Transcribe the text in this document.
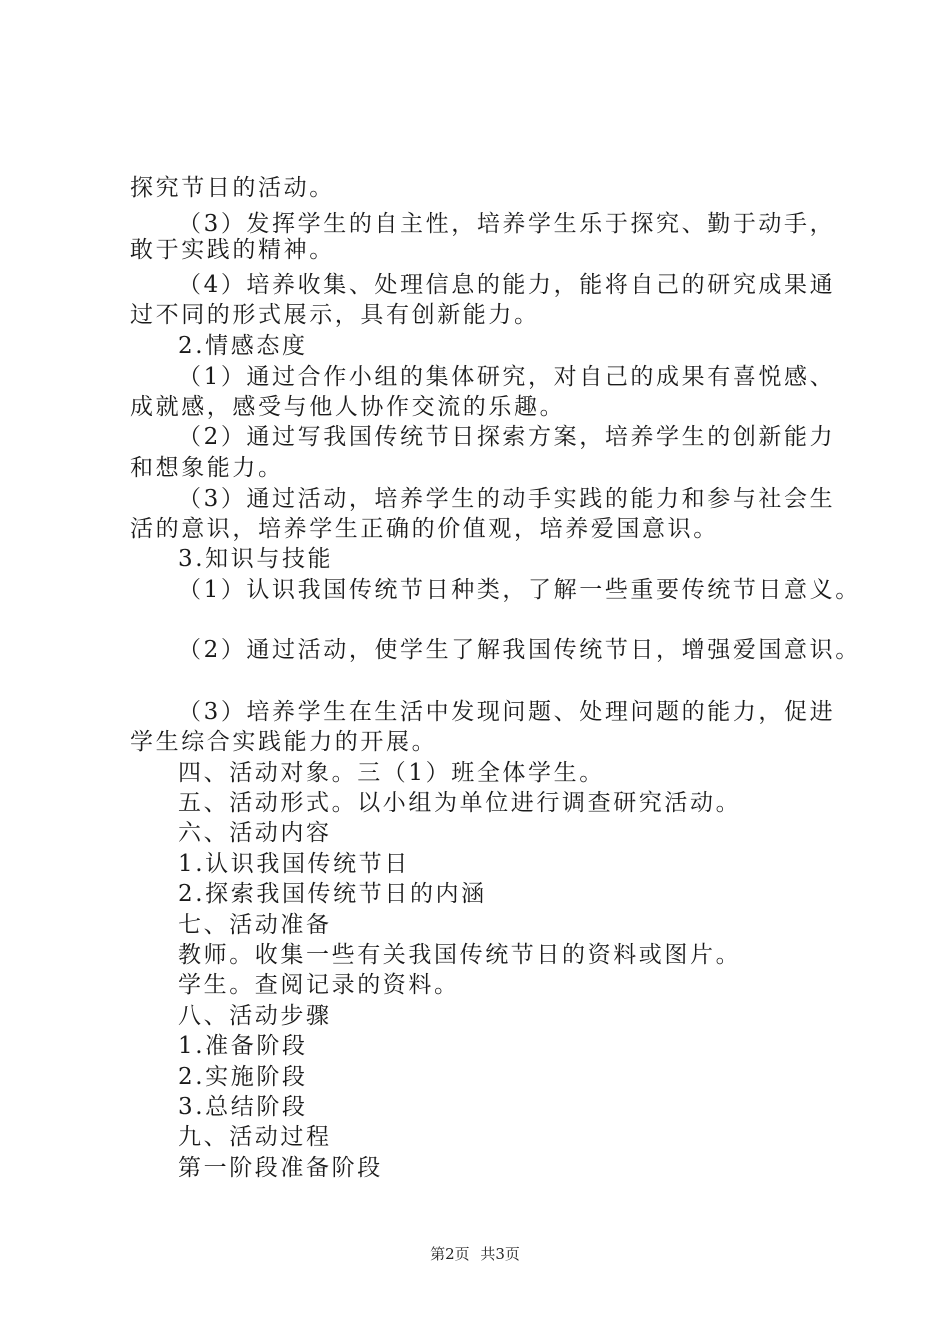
探究节日的活动。
（3）发挥学生的自主性，培养学生乐于探究、勤于动手，
敢于实践的精神。
（4）培养收集、处理信息的能力，能将自己的研究成果通
过不同的形式展示，具有创新能力。
2.情感态度
（1）通过合作小组的集体研究，对自己的成果有喜悦感、
成就感，感受与他人协作交流的乐趣。
（2）通过写我国传统节日探索方案，培养学生的创新能力
和想象能力。
（3）通过活动，培养学生的动手实践的能力和参与社会生
活的意识，培养学生正确的价值观，培养爱国意识。
3.知识与技能
（1）认识我国传统节日种类，了解一些重要传统节日意义。
（2）通过活动，使学生了解我国传统节日，增强爱国意识。
（3）培养学生在生活中发现问题、处理问题的能力，促进
学生综合实践能力的开展。
四、活动对象。三（1）班全体学生。
五、活动形式。以小组为单位进行调查研究活动。
六、活动内容
1.认识我国传统节日
2.探索我国传统节日的内涵
七、活动准备
教师。收集一些有关我国传统节日的资料或图片。
学生。查阅记录的资料。
八、活动步骤
1.准备阶段
2.实施阶段
3.总结阶段
九、活动过程
第一阶段准备阶段
第2页 共3页
